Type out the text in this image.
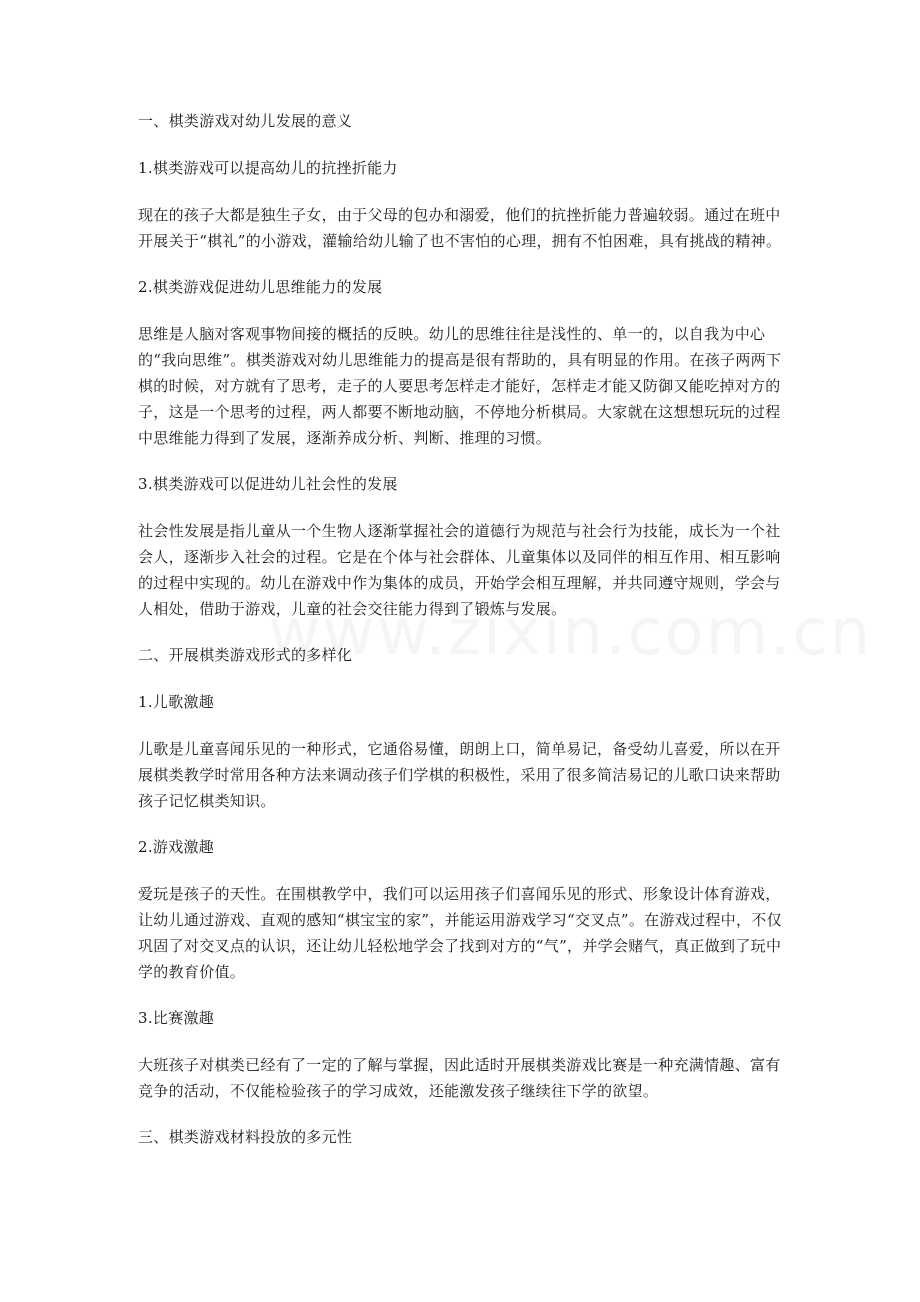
一、棋类游戏对幼儿发展的意义

1.棋类游戏可以提高幼儿的抗挫折能力

现在的孩子大都是独生子女，由于父母的包办和溺爱，他们的抗挫折能力普遍较弱。通过在班中开展关于“棋礼”的小游戏，灌输给幼儿输了也不害怕的心理，拥有不怕困难，具有挑战的精神。

2.棋类游戏促进幼儿思维能力的发展

思维是人脑对客观事物间接的概括的反映。幼儿的思维往往是浅性的、单一的，以自我为中心的“我向思维”。棋类游戏对幼儿思维能力的提高是很有帮助的，具有明显的作用。在孩子两两下棋的时候，对方就有了思考，走子的人要思考怎样走才能好，怎样走才能又防御又能吃掉对方的子，这是一个思考的过程，两人都要不断地动脑，不停地分析棋局。大家就在这想想玩玩的过程中思维能力得到了发展，逐渐养成分析、判断、推理的习惯。

3.棋类游戏可以促进幼儿社会性的发展

社会性发展是指儿童从一个生物人逐渐掌握社会的道德行为规范与社会行为技能，成长为一个社会人，逐渐步入社会的过程。它是在个体与社会群体、儿童集体以及同伴的相互作用、相互影响的过程中实现的。幼儿在游戏中作为集体的成员，开始学会相互理解，并共同遵守规则，学会与人相处，借助于游戏，儿童的社会交往能力得到了锻炼与发展。

二、开展棋类游戏形式的多样化

1.儿歌激趣

儿歌是儿童喜闻乐见的一种形式，它通俗易懂，朗朗上口，简单易记，备受幼儿喜爱，所以在开展棋类教学时常用各种方法来调动孩子们学棋的积极性，采用了很多简洁易记的儿歌口诀来帮助孩子记忆棋类知识。

2.游戏激趣

爱玩是孩子的天性。在围棋教学中，我们可以运用孩子们喜闻乐见的形式、形象设计体育游戏，让幼儿通过游戏、直观的感知“棋宝宝的家”，并能运用游戏学习“交叉点”。在游戏过程中，不仅巩固了对交叉点的认识，还让幼儿轻松地学会了找到对方的“气”，并学会赌气，真正做到了玩中学的教育价值。

3.比赛激趣

大班孩子对棋类已经有了一定的了解与掌握，因此适时开展棋类游戏比赛是一种充满情趣、富有竞争的活动，不仅能检验孩子的学习成效，还能激发孩子继续往下学的欲望。

三、棋类游戏材料投放的多元性
